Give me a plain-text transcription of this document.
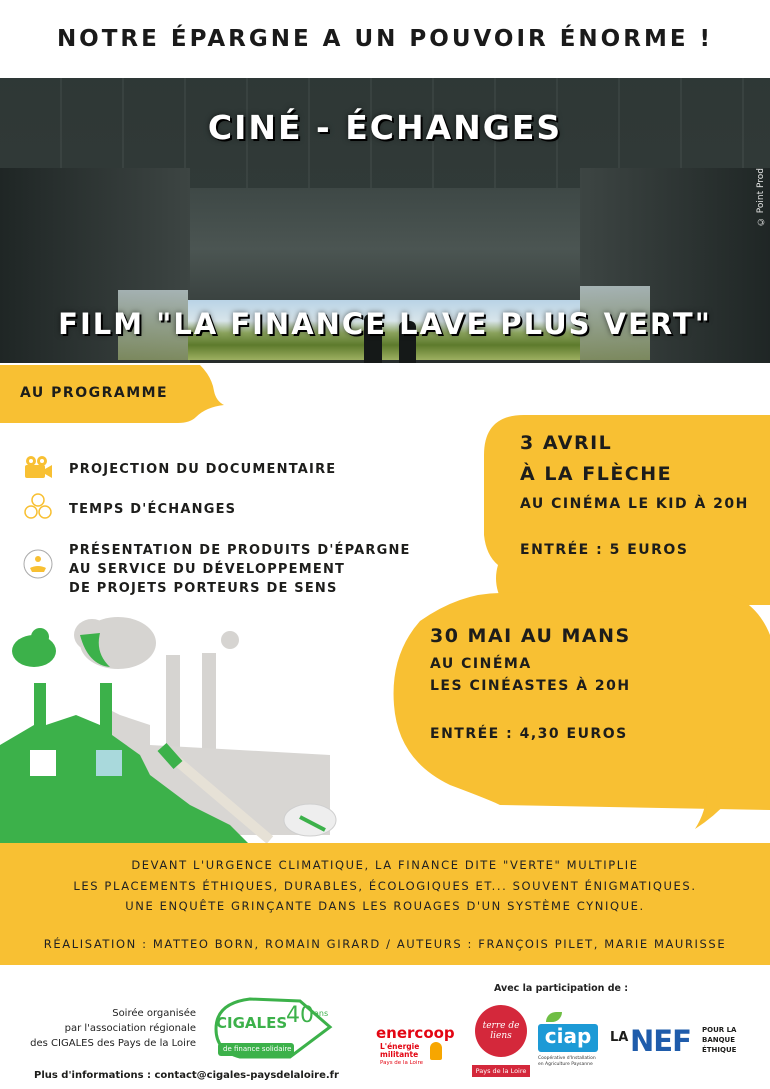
NOTRE ÉPARGNE A UN POUVOIR ÉNORME !
© Point Prod
CINÉ - ÉCHANGES
FILM "LA FINANCE LAVE PLUS VERT"
AU PROGRAMME
PROJECTION DU DOCUMENTAIRE
TEMPS D'ÉCHANGES
PRÉSENTATION DE PRODUITS D'ÉPARGNE
AU SERVICE DU DÉVELOPPEMENT
DE PROJETS PORTEURS DE SENS
3 AVRIL
À LA FLÈCHE
AU CINÉMA LE KID À 20H
ENTRÉE : 5 EUROS
30 MAI AU MANS
AU CINÉMA
LES CINÉASTES À 20H
ENTRÉE : 4,30 EUROS
DEVANT L'URGENCE CLIMATIQUE, LA FINANCE DITE "VERTE" MULTIPLIE
LES PLACEMENTS ÉTHIQUES, DURABLES, ÉCOLOGIQUES ET... SOUVENT ÉNIGMATIQUES.
UNE ENQUÊTE GRINÇANTE DANS LES ROUAGES D'UN SYSTÈME CYNIQUE.
RÉALISATION : MATTEO BORN, ROMAIN GIRARD / AUTEURS : FRANÇOIS PILET, MARIE MAURISSE
Soirée organisée
par l'association régionale
des CIGALES des Pays de la Loire
Plus d'informations : contact@cigales-paysdelaloire.fr
CIGALES
40 ans
de finance solidaire
Avec la participation de :
enercoop
L'énergie
militante
Pays de la Loire
terre de liens
Pays de la Loire
ciap
Coopérative d'Installation
en Agriculture Paysanne
LA NEF POUR LA
BANQUE
ÉTHIQUE
